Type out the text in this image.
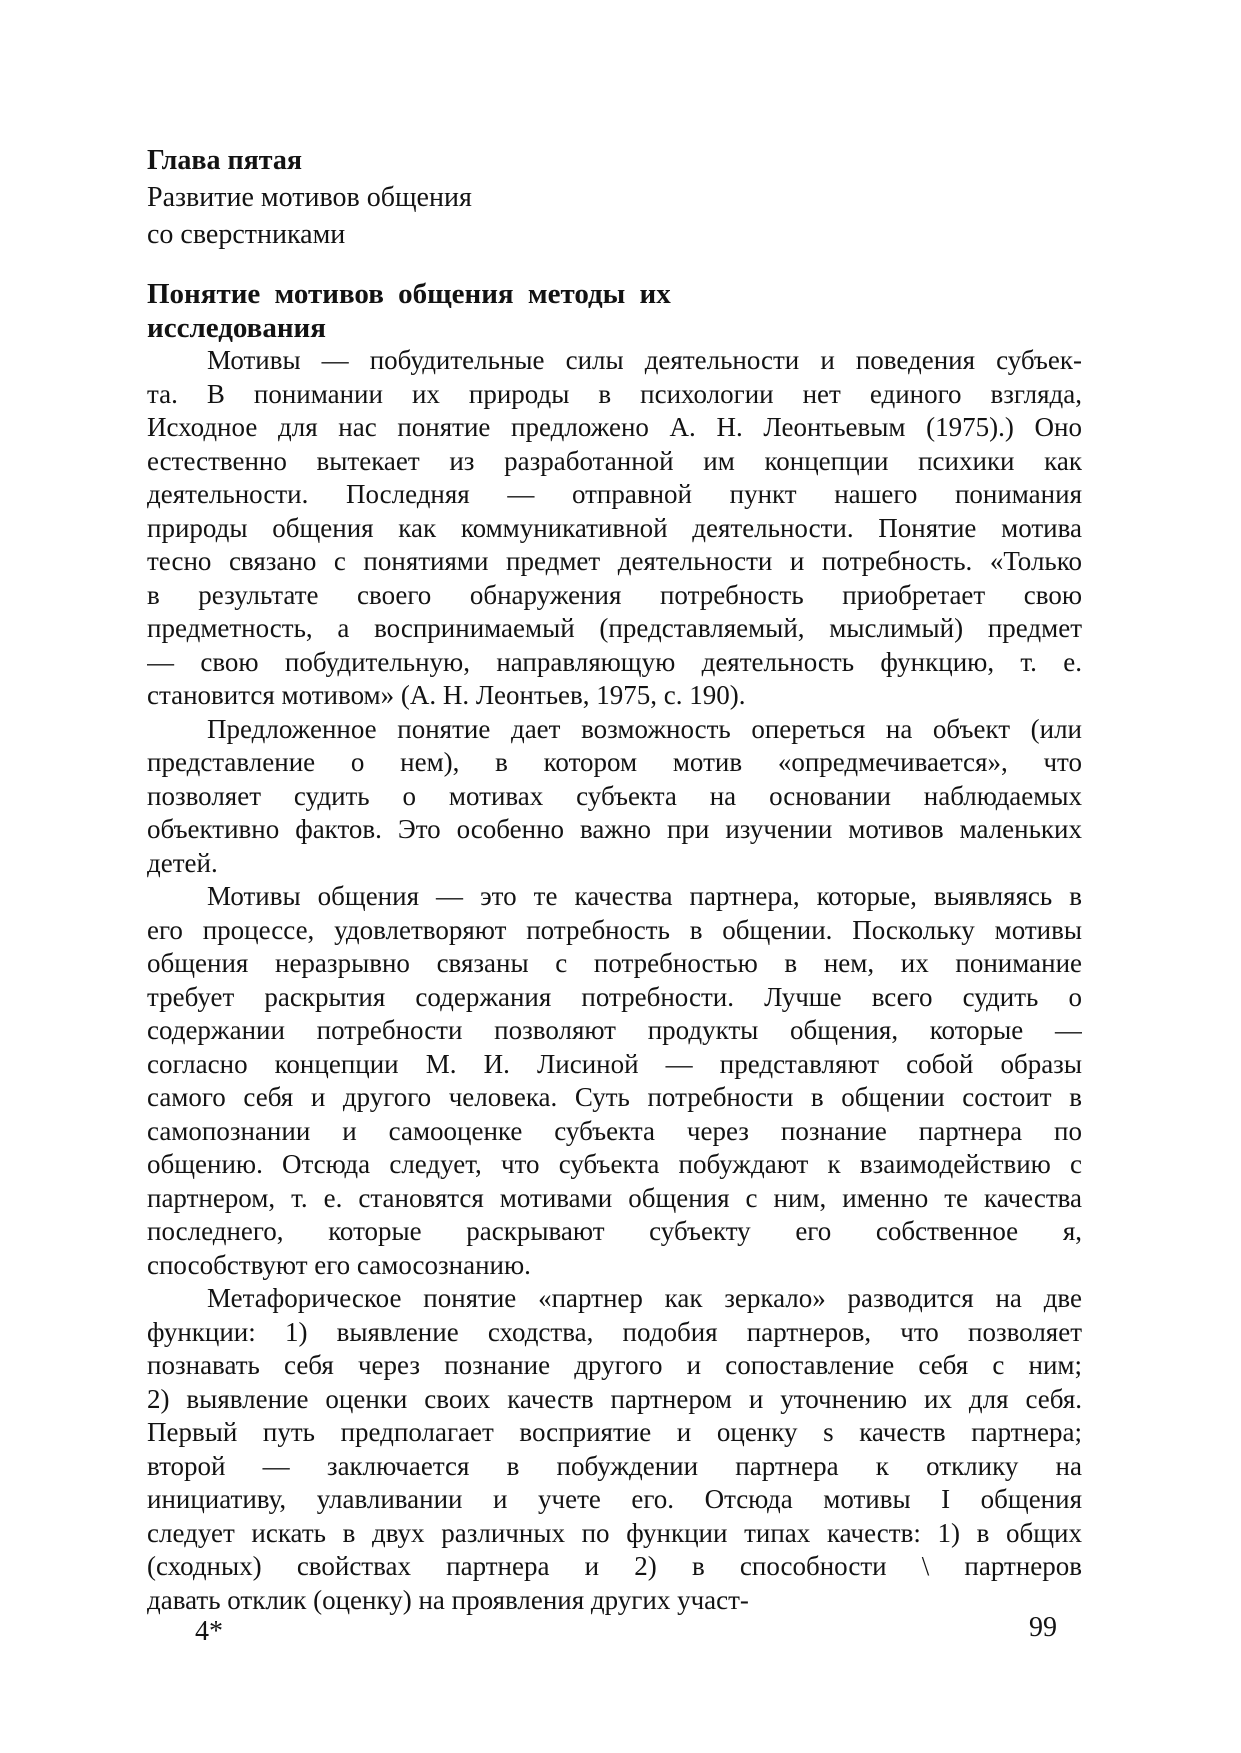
Глава пятая
Развитие мотивов общения
со сверстниками
Понятие мотивов общения методы их
исследования

Мотивы — побудительные силы деятельности и поведения субъек-
та. В понимании их природы в психологии нет единого взгляда,
Исходное для нас понятие предложено А. Н. Леонтьевым (1975).) Оно
естественно вытекает из разработанной им концепции психики как
деятельности. Последняя — отправной пункт нашего понимания
природы общения как коммуникативной деятельности. Понятие мотива
тесно связано с понятиями предмет деятельности и потребность. «Только
в результате своего обнаружения потребность приобретает свою
предметность, а воспринимаемый (представляемый, мыслимый) предмет
— свою побудительную, направляющую деятельность функцию, т. е.
становится мотивом» (А. Н. Леонтьев, 1975, с. 190).

Предложенное понятие дает возможность опереться на объект (или
представление о нем), в котором мотив «опредмечивается», что
позволяет судить о мотивах субъекта на основании наблюдаемых
объективно фактов. Это особенно важно при изучении мотивов маленьких
детей.

Мотивы общения — это те качества партнера, которые, выявляясь в
его процессе, удовлетворяют потребность в общении. Поскольку мотивы
общения неразрывно связаны с потребностью в нем, их понимание
требует раскрытия содержания потребности. Лучше всего судить о
содержании потребности позволяют продукты общения, которые —
согласно концепции М. И. Лисиной — представляют собой образы
самого себя и другого человека. Суть потребности в общении состоит в
самопознании и самооценке субъекта через познание партнера по
общению. Отсюда следует, что субъекта побуждают к взаимодействию с
партнером, т. е. становятся мотивами общения с ним, именно те качества
последнего, которые раскрывают субъекту его собственное я,
способствуют его самосознанию.

Метафорическое понятие «партнер как зеркало» разводится на две
функции: 1) выявление сходства, подобия партнеров, что позволяет
познавать себя через познание другого и сопоставление себя с ним;
2) выявление оценки своих качеств партнером и уточнению их для себя.
Первый путь предполагает восприятие и оценку s качеств партнера;
второй — заключается в побуждении партнера к отклику на
инициативу, улавливании и учете его. Отсюда мотивы I общения
следует искать в двух различных по функции типах качеств: 1) в общих
(сходных) свойствах партнера и 2) в способности \ партнеров
давать отклик (оценку) на проявления других участ-

4*	99
